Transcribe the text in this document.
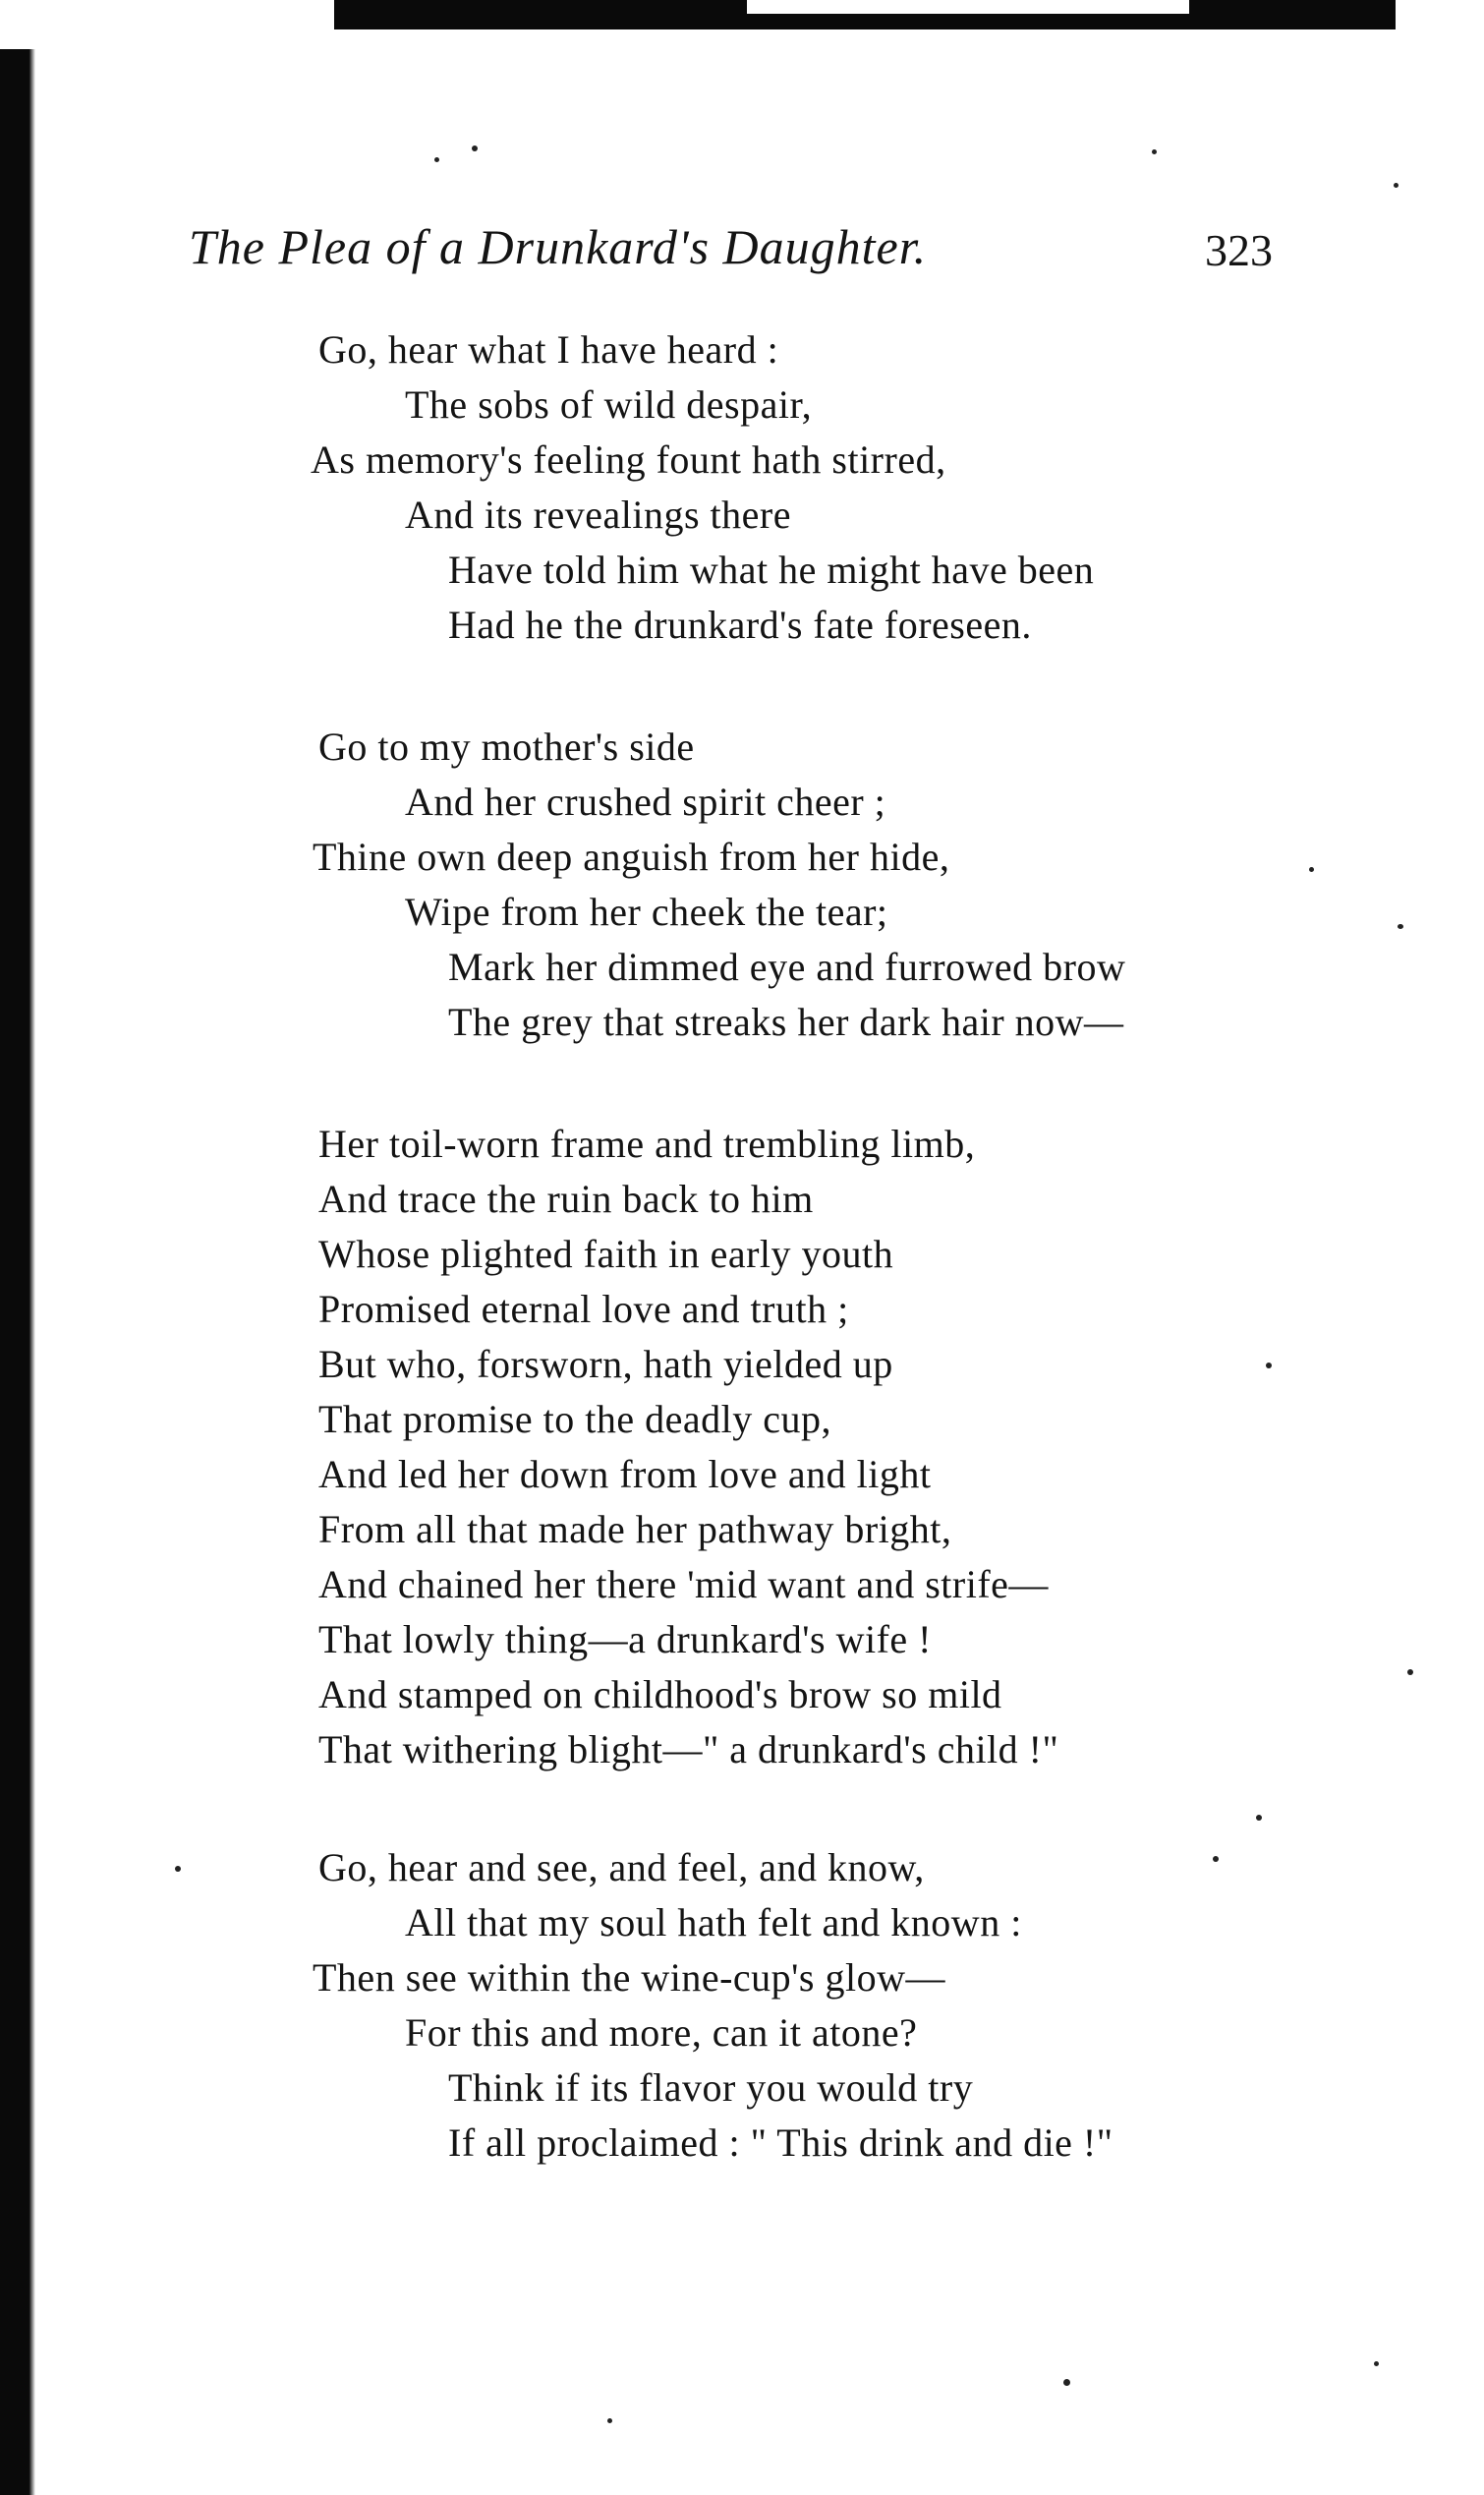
The Plea of a Drunkard's Daughter.	323
Go, hear what I have heard :
The sobs of wild despair,
As memory's feeling fount hath stirred,
And its revealings there
Have told him what he might have been
Had he the drunkard's fate foreseen.
Go to my mother's side
And her crushed spirit cheer ;
Thine own deep anguish from her hide,
Wipe from her cheek the tear;
Mark her dimmed eye and furrowed brow
The grey that streaks her dark hair now—
Her toil-worn frame and trembling limb,
And trace the ruin back to him
Whose plighted faith in early youth
Promised eternal love and truth ;
But who, forsworn, hath yielded up
That promise to the deadly cup,
And led her down from love and light
From all that made her pathway bright,
And chained her there 'mid want and strife—
That lowly thing—a drunkard's wife !
And stamped on childhood's brow so mild
That withering blight—" a drunkard's child !"
Go, hear and see, and feel, and know,
All that my soul hath felt and known :
Then see within the wine-cup's glow—
For this and more, can it atone?
Think if its flavor you would try
If all proclaimed : " This drink and die !"
